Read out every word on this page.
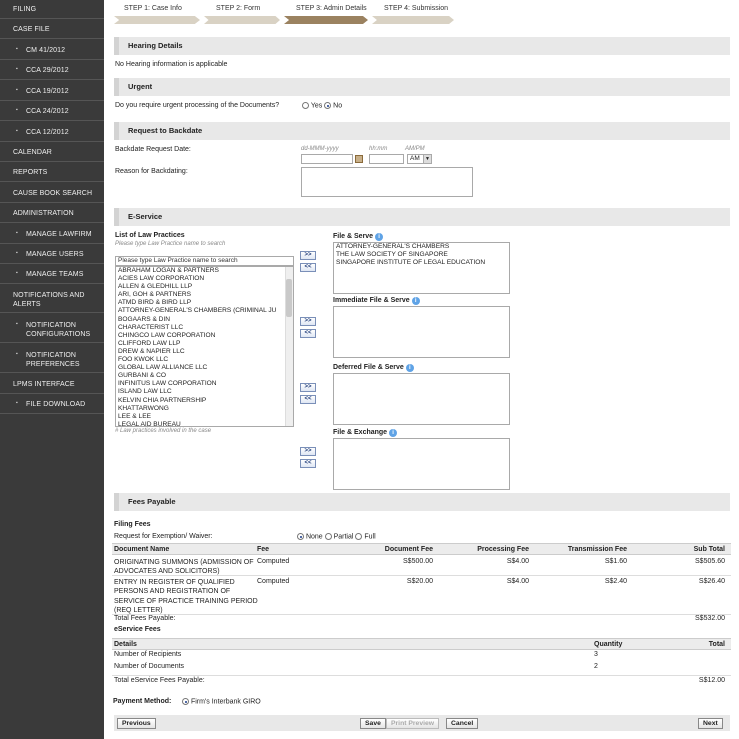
FILING
CASE FILE
▪ CM 41/2012
▪ CCA 29/2012
▪ CCA 19/2012
▪ CCA 24/2012
▪ CCA 12/2012
CALENDAR
REPORTS
CAUSE BOOK SEARCH
ADMINISTRATION
▪ MANAGE LAWFIRM
▪ MANAGE USERS
▪ MANAGE TEAMS
NOTIFICATIONS AND ALERTS
▪ NOTIFICATION CONFIGURATIONS
▪ NOTIFICATION PREFERENCES
LPMS INTERFACE
▪ FILE DOWNLOAD
STEP 1: Case Info	STEP 2: Form	STEP 3: Admin Details STEP 4: Submission
Hearing Details
No Hearing information is applicable
Urgent
Do you require urgent processing of the Documents?	Yes No
Request to Backdate
Backdate Request Date:	dd-MMM-yyyy	hh:mm	AM/PM
AM	▼
Reason for Backdating:
E-Service
List of Law Practices
Please type Law Practice name to search
Please type Law Practice name to search
ABRAHAM LOGAN & PARTNERS
ACIES LAW CORPORATION
ALLEN & GLEDHILL LLP
ARI, GOH & PARTNERS
ATMD BIRD & BIRD LLP
ATTORNEY-GENERAL'S CHAMBERS (CRIMINAL JU
BOGAARS & DIN
CHARACTERIST LLC
CHINGCO LAW CORPORATION
CLIFFORD LAW LLP
DREW & NAPIER LLC
FOO KWOK LLC
GLOBAL LAW ALLIANCE LLC
GURBANI & CO
INFINITUS LAW CORPORATION
ISLAND LAW LLC
KELVIN CHIA PARTNERSHIP
KHATTARWONG
LEE & LEE
LEGAL AID BUREAU
# Law practices involved in the case
File & Serve i
ATTORNEY-GENERAL'S CHAMBERS
THE LAW SOCIETY OF SINGAPORE
SINGAPORE INSTITUTE OF LEGAL EDUCATION
>>
<<
Immediate File & Serve i
>>
<<
Deferred File & Serve i
>>
<<
File & Exchange i
>>
<<
Fees Payable
Filing Fees
Request for Exemption/ Waiver:	None Partial Full
Document Name	Fee	Document Fee	Processing Fee	Transmission Fee	Sub Total
ORIGINATING SUMMONS (ADMISSION OF
ADVOCATES AND SOLICITORS)
Computed	S$500.00	S$4.00	S$1.60	S$505.60
ENTRY IN REGISTER OF QUALIFIED
PERSONS AND REGISTRATION OF
SERVICE OF PRACTICE TRAINING PERIOD
(REQ LETTER)
Computed	S$20.00	S$4.00	S$2.40	S$26.40
Total Fees Payable:	S$532.00
eService Fees
Details	Quantity	Total
Number of Recipients	3
Number of Documents	2
Total eService Fees Payable:	S$12.00
Payment Method:	Firm's Interbank GIRO
Previous	Save	Print Preview	Cancel	Next
